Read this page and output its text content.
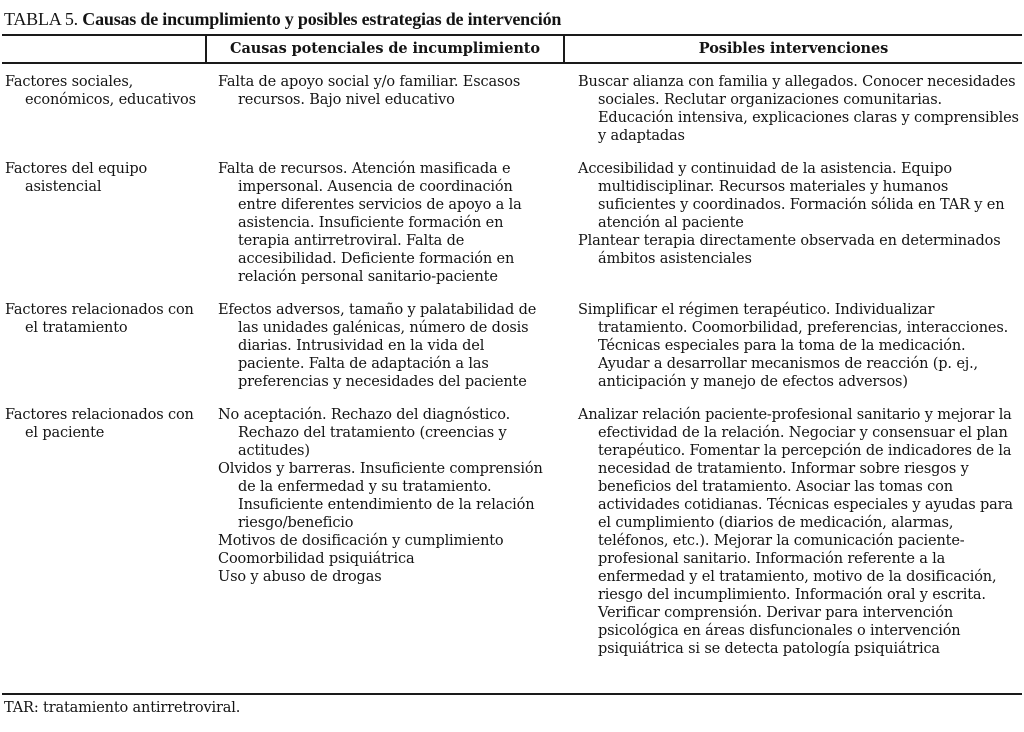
TABLA 5. Causas de incumplimiento y posibles estrategias de intervención
Causas potenciales de incumplimiento	Posibles intervenciones

Factores sociales, económicos, educativos

Falta de apoyo social y/o familiar. Escasos recursos. Bajo nivel educativo

Buscar alianza con familia y allegados. Conocer necesidades sociales. Reclutar organizaciones comunitarias. Educación intensiva, explicaciones claras y comprensibles y adaptadas

Factores del equipo asistencial

Falta de recursos. Atención masificada e impersonal. Ausencia de coordinación entre diferentes servicios de apoyo a la asistencia. Insuficiente formación en terapia antirretroviral. Falta de accesibilidad. Deficiente formación en relación personal sanitario-paciente

Accesibilidad y continuidad de la asistencia. Equipo multidisciplinar. Recursos materiales y humanos suficientes y coordinados. Formación sólida en TAR y en atención al paciente

Plantear terapia directamente observada en determinados ámbitos asistenciales

Factores relacionados con el tratamiento

Efectos adversos, tamaño y palatabilidad de las unidades galénicas, número de dosis diarias. Intrusividad en la vida del paciente. Falta de adaptación a las preferencias y necesidades del paciente

Simplificar el régimen terapéutico. Individualizar tratamiento. Coomorbilidad, preferencias, interacciones. Técnicas especiales para la toma de la medicación. Ayudar a desarrollar mecanismos de reacción (p. ej., anticipación y manejo de efectos adversos)

Factores relacionados con el paciente

No aceptación. Rechazo del diagnóstico. Rechazo del tratamiento (creencias y actitudes)

Olvidos y barreras. Insuficiente comprensión de la enfermedad y su tratamiento. Insuficiente entendimiento de la relación riesgo/beneficio

Motivos de dosificación y cumplimiento

Coomorbilidad psiquiátrica

Uso y abuso de drogas

Analizar relación paciente-profesional sanitario y mejorar la efectividad de la relación. Negociar y consensuar el plan terapéutico. Fomentar la percepción de indicadores de la necesidad de tratamiento. Informar sobre riesgos y beneficios del tratamiento. Asociar las tomas con actividades cotidianas. Técnicas especiales y ayudas para el cumplimiento (diarios de medicación, alarmas, teléfonos, etc.). Mejorar la comunicación paciente-profesional sanitario. Información referente a la enfermedad y el tratamiento, motivo de la dosificación, riesgo del incumplimiento. Información oral y escrita. Verificar comprensión. Derivar para intervención psicológica en áreas disfuncionales o intervención psiquiátrica si se detecta patología psiquiátrica

TAR: tratamiento antirretroviral.
